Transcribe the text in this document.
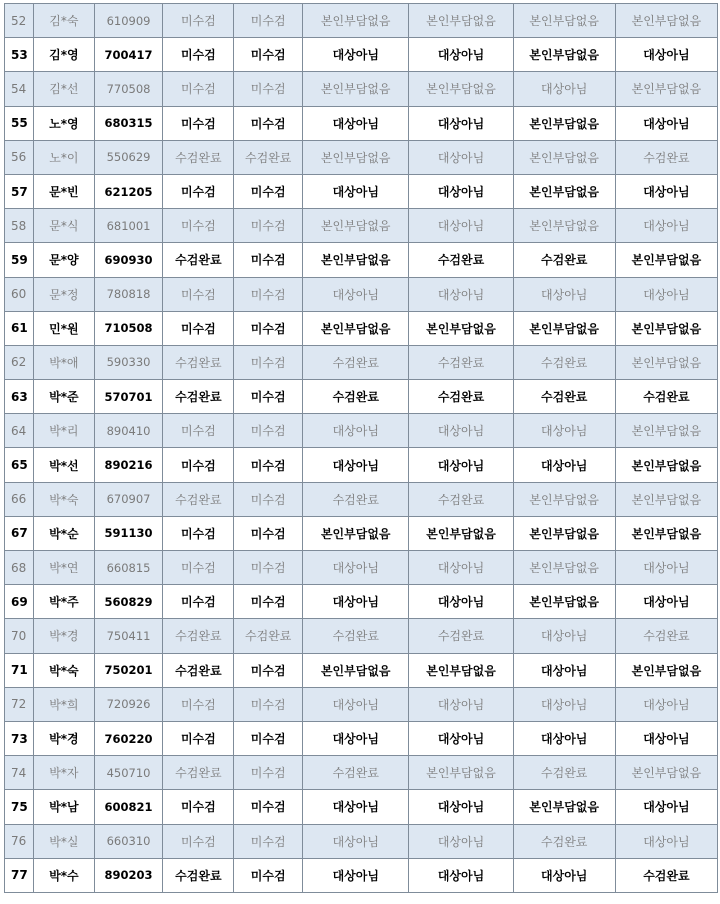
52	김*숙	610909	미수검	미수검	본인부담없음	본인부담없음	본인부담없음	본인부담없음
53	김*영	700417	미수검	미수검	대상아님	대상아님	본인부담없음	대상아님
54	김*선	770508	미수검	미수검	본인부담없음	본인부담없음	대상아님	본인부담없음
55	노*영	680315	미수검	미수검	대상아님	대상아님	본인부담없음	대상아님
56	노*이	550629	수검완료	수검완료	본인부담없음	대상아님	본인부담없음	수검완료
57	문*빈	621205	미수검	미수검	대상아님	대상아님	본인부담없음	대상아님
58	문*식	681001	미수검	미수검	본인부담없음	대상아님	본인부담없음	대상아님
59	문*양	690930	수검완료	미수검	본인부담없음	수검완료	수검완료	본인부담없음
60	문*정	780818	미수검	미수검	대상아님	대상아님	대상아님	대상아님
61	민*원	710508	미수검	미수검	본인부담없음	본인부담없음	본인부담없음	본인부담없음
62	박*애	590330	수검완료	미수검	수검완료	수검완료	수검완료	본인부담없음
63	박*준	570701	수검완료	미수검	수검완료	수검완료	수검완료	수검완료
64	박*리	890410	미수검	미수검	대상아님	대상아님	대상아님	본인부담없음
65	박*선	890216	미수검	미수검	대상아님	대상아님	대상아님	본인부담없음
66	박*숙	670907	수검완료	미수검	수검완료	수검완료	본인부담없음	본인부담없음
67	박*순	591130	미수검	미수검	본인부담없음	본인부담없음	본인부담없음	본인부담없음
68	박*연	660815	미수검	미수검	대상아님	대상아님	본인부담없음	대상아님
69	박*주	560829	미수검	미수검	대상아님	대상아님	본인부담없음	대상아님
70	박*경	750411	수검완료	수검완료	수검완료	수검완료	대상아님	수검완료
71	박*숙	750201	수검완료	미수검	본인부담없음	본인부담없음	대상아님	본인부담없음
72	박*희	720926	미수검	미수검	대상아님	대상아님	대상아님	대상아님
73	박*경	760220	미수검	미수검	대상아님	대상아님	대상아님	대상아님
74	박*자	450710	수검완료	미수검	수검완료	본인부담없음	수검완료	본인부담없음
75	박*남	600821	미수검	미수검	대상아님	대상아님	본인부담없음	대상아님
76	박*실	660310	미수검	미수검	대상아님	대상아님	수검완료	대상아님
77	박*수	890203	수검완료	미수검	대상아님	대상아님	대상아님	수검완료
